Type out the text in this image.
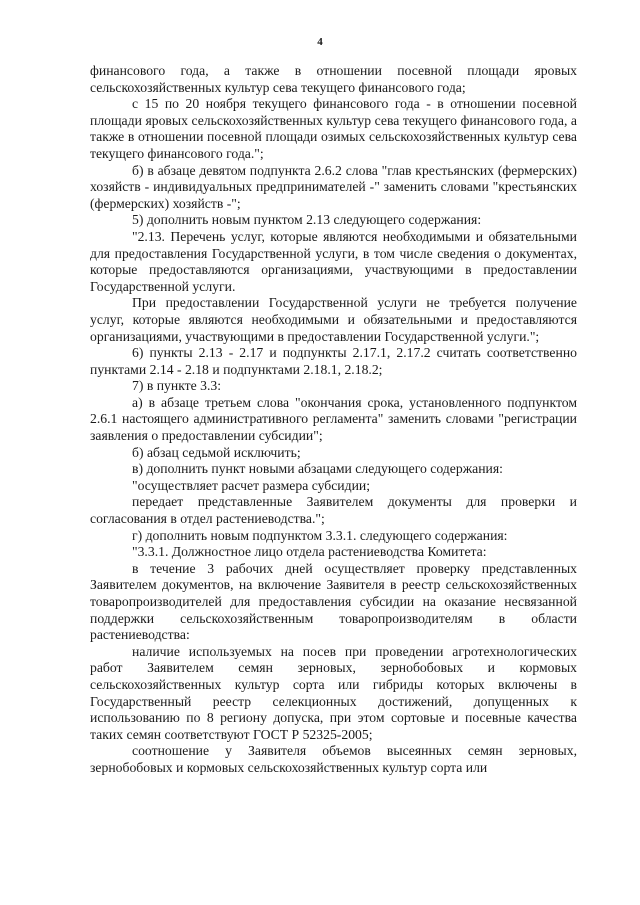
4

финансового года, а также в отношении посевной площади яровых сельскохозяйственных культур сева текущего финансового года;

с 15 по 20 ноября текущего финансового года - в отношении посевной площади яровых сельскохозяйственных культур сева текущего финансового года, а также в отношении посевной площади озимых сельскохозяйственных культур сева текущего финансового года.";

б) в абзаце девятом подпункта 2.6.2 слова "глав крестьянских (фермерских) хозяйств - индивидуальных предпринимателей -" заменить словами "крестьянских (фермерских) хозяйств -";

5) дополнить новым пунктом 2.13 следующего содержания:

"2.13. Перечень услуг, которые являются необходимыми и обязательными для предоставления Государственной услуги, в том числе сведения о документах, которые предоставляются организациями, участвующими в предоставлении Государственной услуги.

При предоставлении Государственной услуги не требуется получение услуг, которые являются необходимыми и обязательными и предоставляются организациями, участвующими в предоставлении Государственной услуги.";

6) пункты 2.13 - 2.17 и подпункты 2.17.1, 2.17.2 считать соответственно пунктами 2.14 - 2.18 и подпунктами 2.18.1, 2.18.2;

7) в пункте 3.3:

а) в абзаце третьем слова "окончания срока, установленного подпунктом 2.6.1 настоящего административного регламента" заменить словами "регистрации заявления о предоставлении субсидии";

б) абзац седьмой исключить;

в) дополнить пункт новыми абзацами следующего содержания:

"осуществляет расчет размера субсидии;

передает представленные Заявителем документы для проверки и согласования в отдел растениеводства.";

г) дополнить новым подпунктом 3.3.1. следующего содержания:

"3.3.1. Должностное лицо отдела растениеводства Комитета:

в течение 3 рабочих дней осуществляет проверку представленных Заявителем документов, на включение Заявителя в реестр сельскохозяйственных товаропроизводителей для предоставления субсидии на оказание несвязанной поддержки сельскохозяйственным товаропроизводителям в области растениеводства:

наличие используемых на посев при проведении агротехнологических работ Заявителем семян зерновых, зернобобовых и кормовых сельскохозяйственных культур сорта или гибриды которых включены в Государственный реестр селекционных достижений, допущенных к использованию по 8 региону допуска, при этом сортовые и посевные качества таких семян соответствуют ГОСТ Р 52325-2005;

соотношение у Заявителя объемов высеянных семян зерновых, зернобобовых и кормовых сельскохозяйственных культур сорта или
